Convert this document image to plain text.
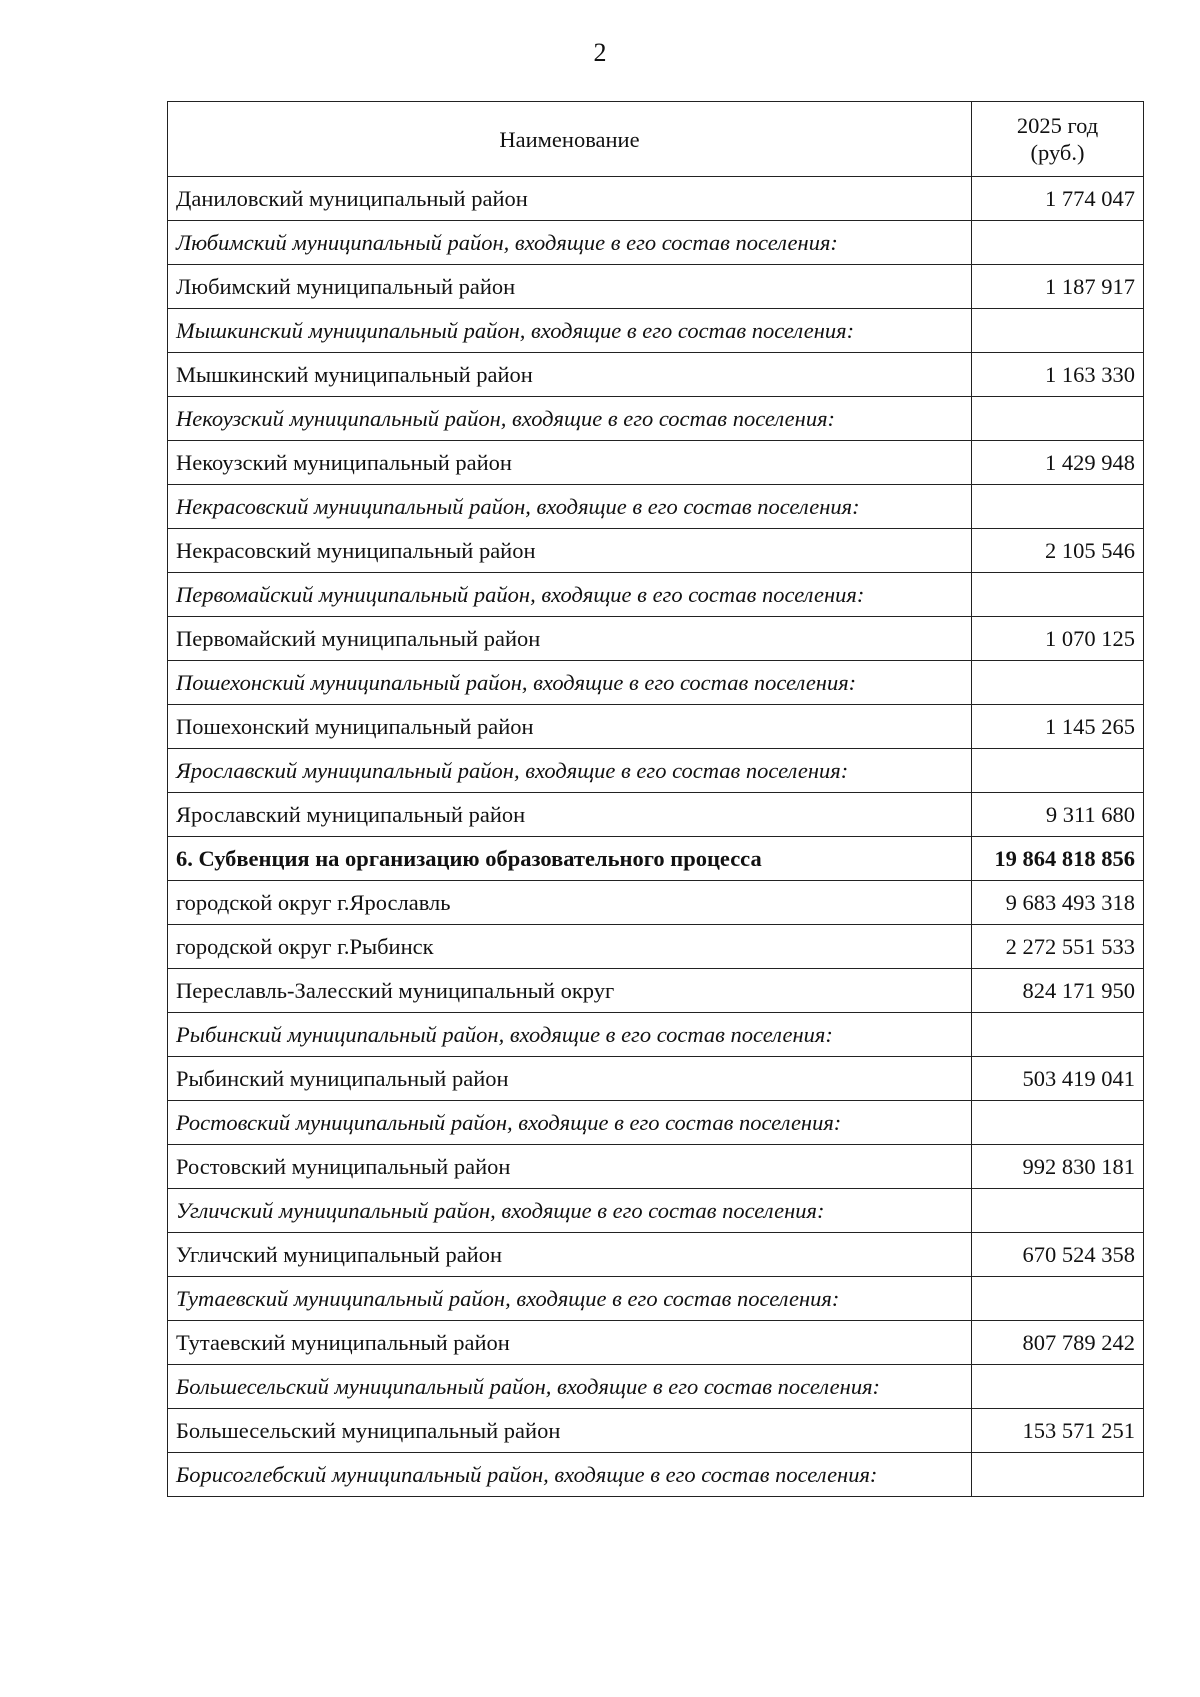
2
Наименование	2025 год
(руб.)
Даниловский муниципальный район	1 774 047
Любимский муниципальный район, входящие в его состав поселения:	
Любимский муниципальный район	1 187 917
Мышкинский муниципальный район, входящие в его состав поселения:	
Мышкинский муниципальный район	1 163 330
Некоузский муниципальный район, входящие в его состав поселения:	
Некоузский муниципальный район	1 429 948
Некрасовский муниципальный район, входящие в его состав поселения:	
Некрасовский муниципальный район	2 105 546
Первомайский муниципальный район, входящие в его состав поселения:	
Первомайский муниципальный район	1 070 125
Пошехонский муниципальный район, входящие в его состав поселения:	
Пошехонский муниципальный район	1 145 265
Ярославский муниципальный район, входящие в его состав поселения:	
Ярославский муниципальный район	9 311 680
6. Субвенция на организацию образовательного процесса	19 864 818 856
городской округ г.Ярославль	9 683 493 318
городской округ г.Рыбинск	2 272 551 533
Переславль-Залесский муниципальный округ	824 171 950
Рыбинский муниципальный район, входящие в его состав поселения:	
Рыбинский муниципальный район	503 419 041
Ростовский муниципальный район, входящие в его состав поселения:	
Ростовский муниципальный район	992 830 181
Угличский муниципальный район, входящие в его состав поселения:	
Угличский муниципальный район	670 524 358
Тутаевский муниципальный район, входящие в его состав поселения:	
Тутаевский муниципальный район	807 789 242
Большесельский муниципальный район, входящие в его состав поселения:	
Большесельский муниципальный район	153 571 251
Борисоглебский муниципальный район, входящие в его состав поселения:	
